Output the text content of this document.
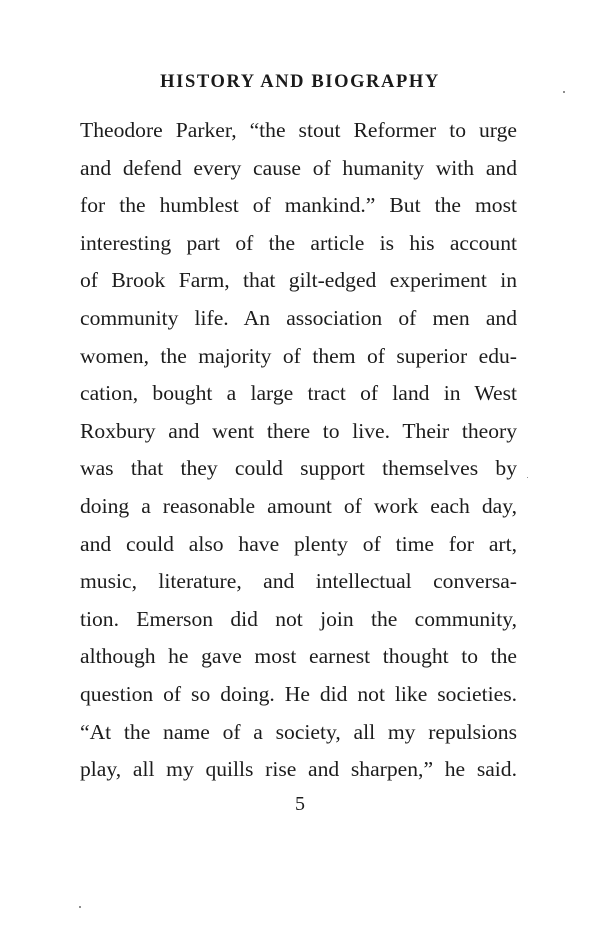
HISTORY AND BIOGRAPHY
Theodore Parker, “the stout Reformer to urge
and defend every cause of humanity with and
for the humblest of mankind.” But the most
interesting part of the article is his account
of Brook Farm, that gilt-edged experiment in
community life. An association of men and
women, the majority of them of superior edu-
cation, bought a large tract of land in West
Roxbury and went there to live. Their theory
was that they could support themselves by
doing a reasonable amount of work each day,
and could also have plenty of time for art,
music, literature, and intellectual conversa-
tion. Emerson did not join the community,
although he gave most earnest thought to the
question of so doing. He did not like societies.
“At the name of a society, all my repulsions
play, all my quills rise and sharpen,” he said.
5
